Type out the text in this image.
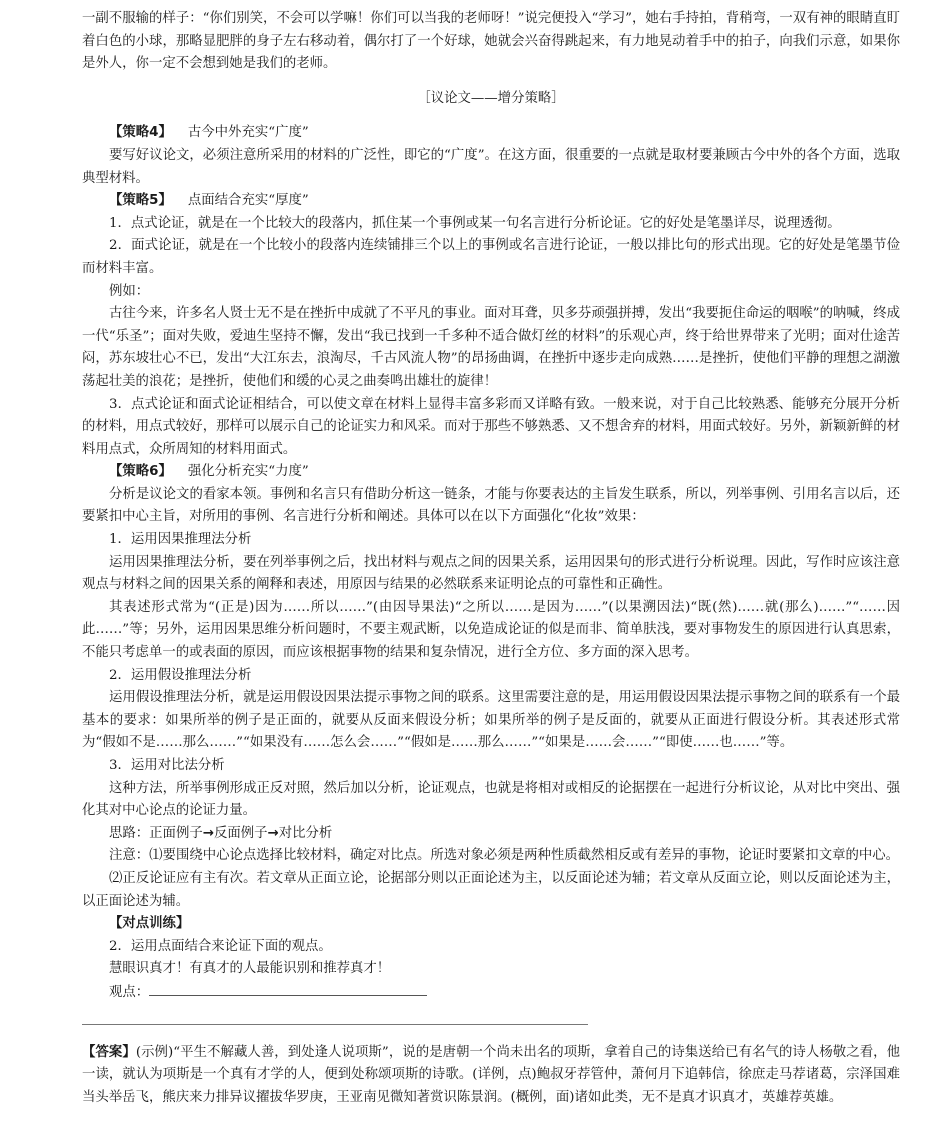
一副不服输的样子：“你们别笑，不会可以学嘛！你们可以当我的老师呀！”说完便投入“学习”，她右手持拍，背稍弯，一双有神的眼睛直盯着白色的小球，那略显肥胖的身子左右移动着，偶尔打了一个好球，她就会兴奋得跳起来，有力地晃动着手中的拍子，向我们示意，如果你是外人，你一定不会想到她是我们的老师。

［议论文——增分策略］

【策略4】 古今中外充实“广度”

要写好议论文，必须注意所采用的材料的广泛性，即它的“广度”。在这方面，很重要的一点就是取材要兼顾古今中外的各个方面，选取典型材料。

【策略5】 点面结合充实“厚度”

1．点式论证，就是在一个比较大的段落内，抓住某一个事例或某一句名言进行分析论证。它的好处是笔墨详尽，说理透彻。

2．面式论证，就是在一个比较小的段落内连续铺排三个以上的事例或名言进行论证，一般以排比句的形式出现。它的好处是笔墨节俭而材料丰富。

例如：

古往今来，许多名人贤士无不是在挫折中成就了不平凡的事业。面对耳聋，贝多芬顽强拼搏，发出“我要扼住命运的咽喉”的呐喊，终成一代“乐圣”；面对失败，爱迪生坚持不懈，发出“我已找到一千多种不适合做灯丝的材料”的乐观心声，终于给世界带来了光明；面对仕途苦闷，苏东坡壮心不已，发出“大江东去，浪淘尽，千古风流人物”的昂扬曲调，在挫折中逐步走向成熟……是挫折，使他们平静的理想之湖激荡起壮美的浪花；是挫折，使他们和缓的心灵之曲奏鸣出雄壮的旋律！

3．点式论证和面式论证相结合，可以使文章在材料上显得丰富多彩而又详略有致。一般来说，对于自己比较熟悉、能够充分展开分析的材料，用点式较好，那样可以展示自己的论证实力和风采。而对于那些不够熟悉、又不想舍弃的材料，用面式较好。另外，新颖新鲜的材料用点式，众所周知的材料用面式。

【策略6】 强化分析充实“力度”

分析是议论文的看家本领。事例和名言只有借助分析这一链条，才能与你要表达的主旨发生联系，所以，列举事例、引用名言以后，还要紧扣中心主旨，对所用的事例、名言进行分析和阐述。具体可以在以下方面强化“化妆”效果：

1．运用因果推理法分析

运用因果推理法分析，要在列举事例之后，找出材料与观点之间的因果关系，运用因果句的形式进行分析说理。因此，写作时应该注意观点与材料之间的因果关系的阐释和表述，用原因与结果的必然联系来证明论点的可靠性和正确性。

其表述形式常为“(正是)因为……所以……”(由因导果法)“之所以……是因为……”(以果溯因法)“既(然)……就(那么)……”“……因此……”等；另外，运用因果思维分析问题时，不要主观武断，以免造成论证的似是而非、简单肤浅，要对事物发生的原因进行认真思索，不能只考虑单一的或表面的原因，而应该根据事物的结果和复杂情况，进行全方位、多方面的深入思考。

2．运用假设推理法分析

运用假设推理法分析，就是运用假设因果法提示事物之间的联系。这里需要注意的是，用运用假设因果法提示事物之间的联系有一个最基本的要求：如果所举的例子是正面的，就要从反面来假设分析；如果所举的例子是反面的，就要从正面进行假设分析。其表述形式常为“假如不是……那么……”“如果没有……怎么会……”“假如是……那么……”“如果是……会……”“即使……也……”等。

3．运用对比法分析

这种方法，所举事例形成正反对照，然后加以分析，论证观点，也就是将相对或相反的论据摆在一起进行分析议论，从对比中突出、强化其对中心论点的论证力量。

思路：正面例子→反面例子→对比分析

注意：⑴要围绕中心论点选择比较材料，确定对比点。所选对象必须是两种性质截然相反或有差异的事物，论证时要紧扣文章的中心。

⑵正反论证应有主有次。若文章从正面立论，论据部分则以正面论述为主，以反面论述为辅；若文章从反面立论，则以反面论述为主，以正面论述为辅。

【对点训练】

2．运用点面结合来论证下面的观点。

慧眼识真才！有真才的人最能识别和推荐真才！

观点：

【答案】(示例)“平生不解藏人善，到处逢人说项斯”，说的是唐朝一个尚未出名的项斯，拿着自己的诗集送给已有名气的诗人杨敬之看，他一读，就认为项斯是一个真有才学的人，便到处称颂项斯的诗歌。(详例，点)鲍叔牙荐管仲，萧何月下追韩信，徐庶走马荐诸葛，宗泽国难当头举岳飞，熊庆来力排异议擢拔华罗庚，王亚南见微知著赏识陈景润。(概例，面)诸如此类，无不是真才识真才，英雄荐英雄。
